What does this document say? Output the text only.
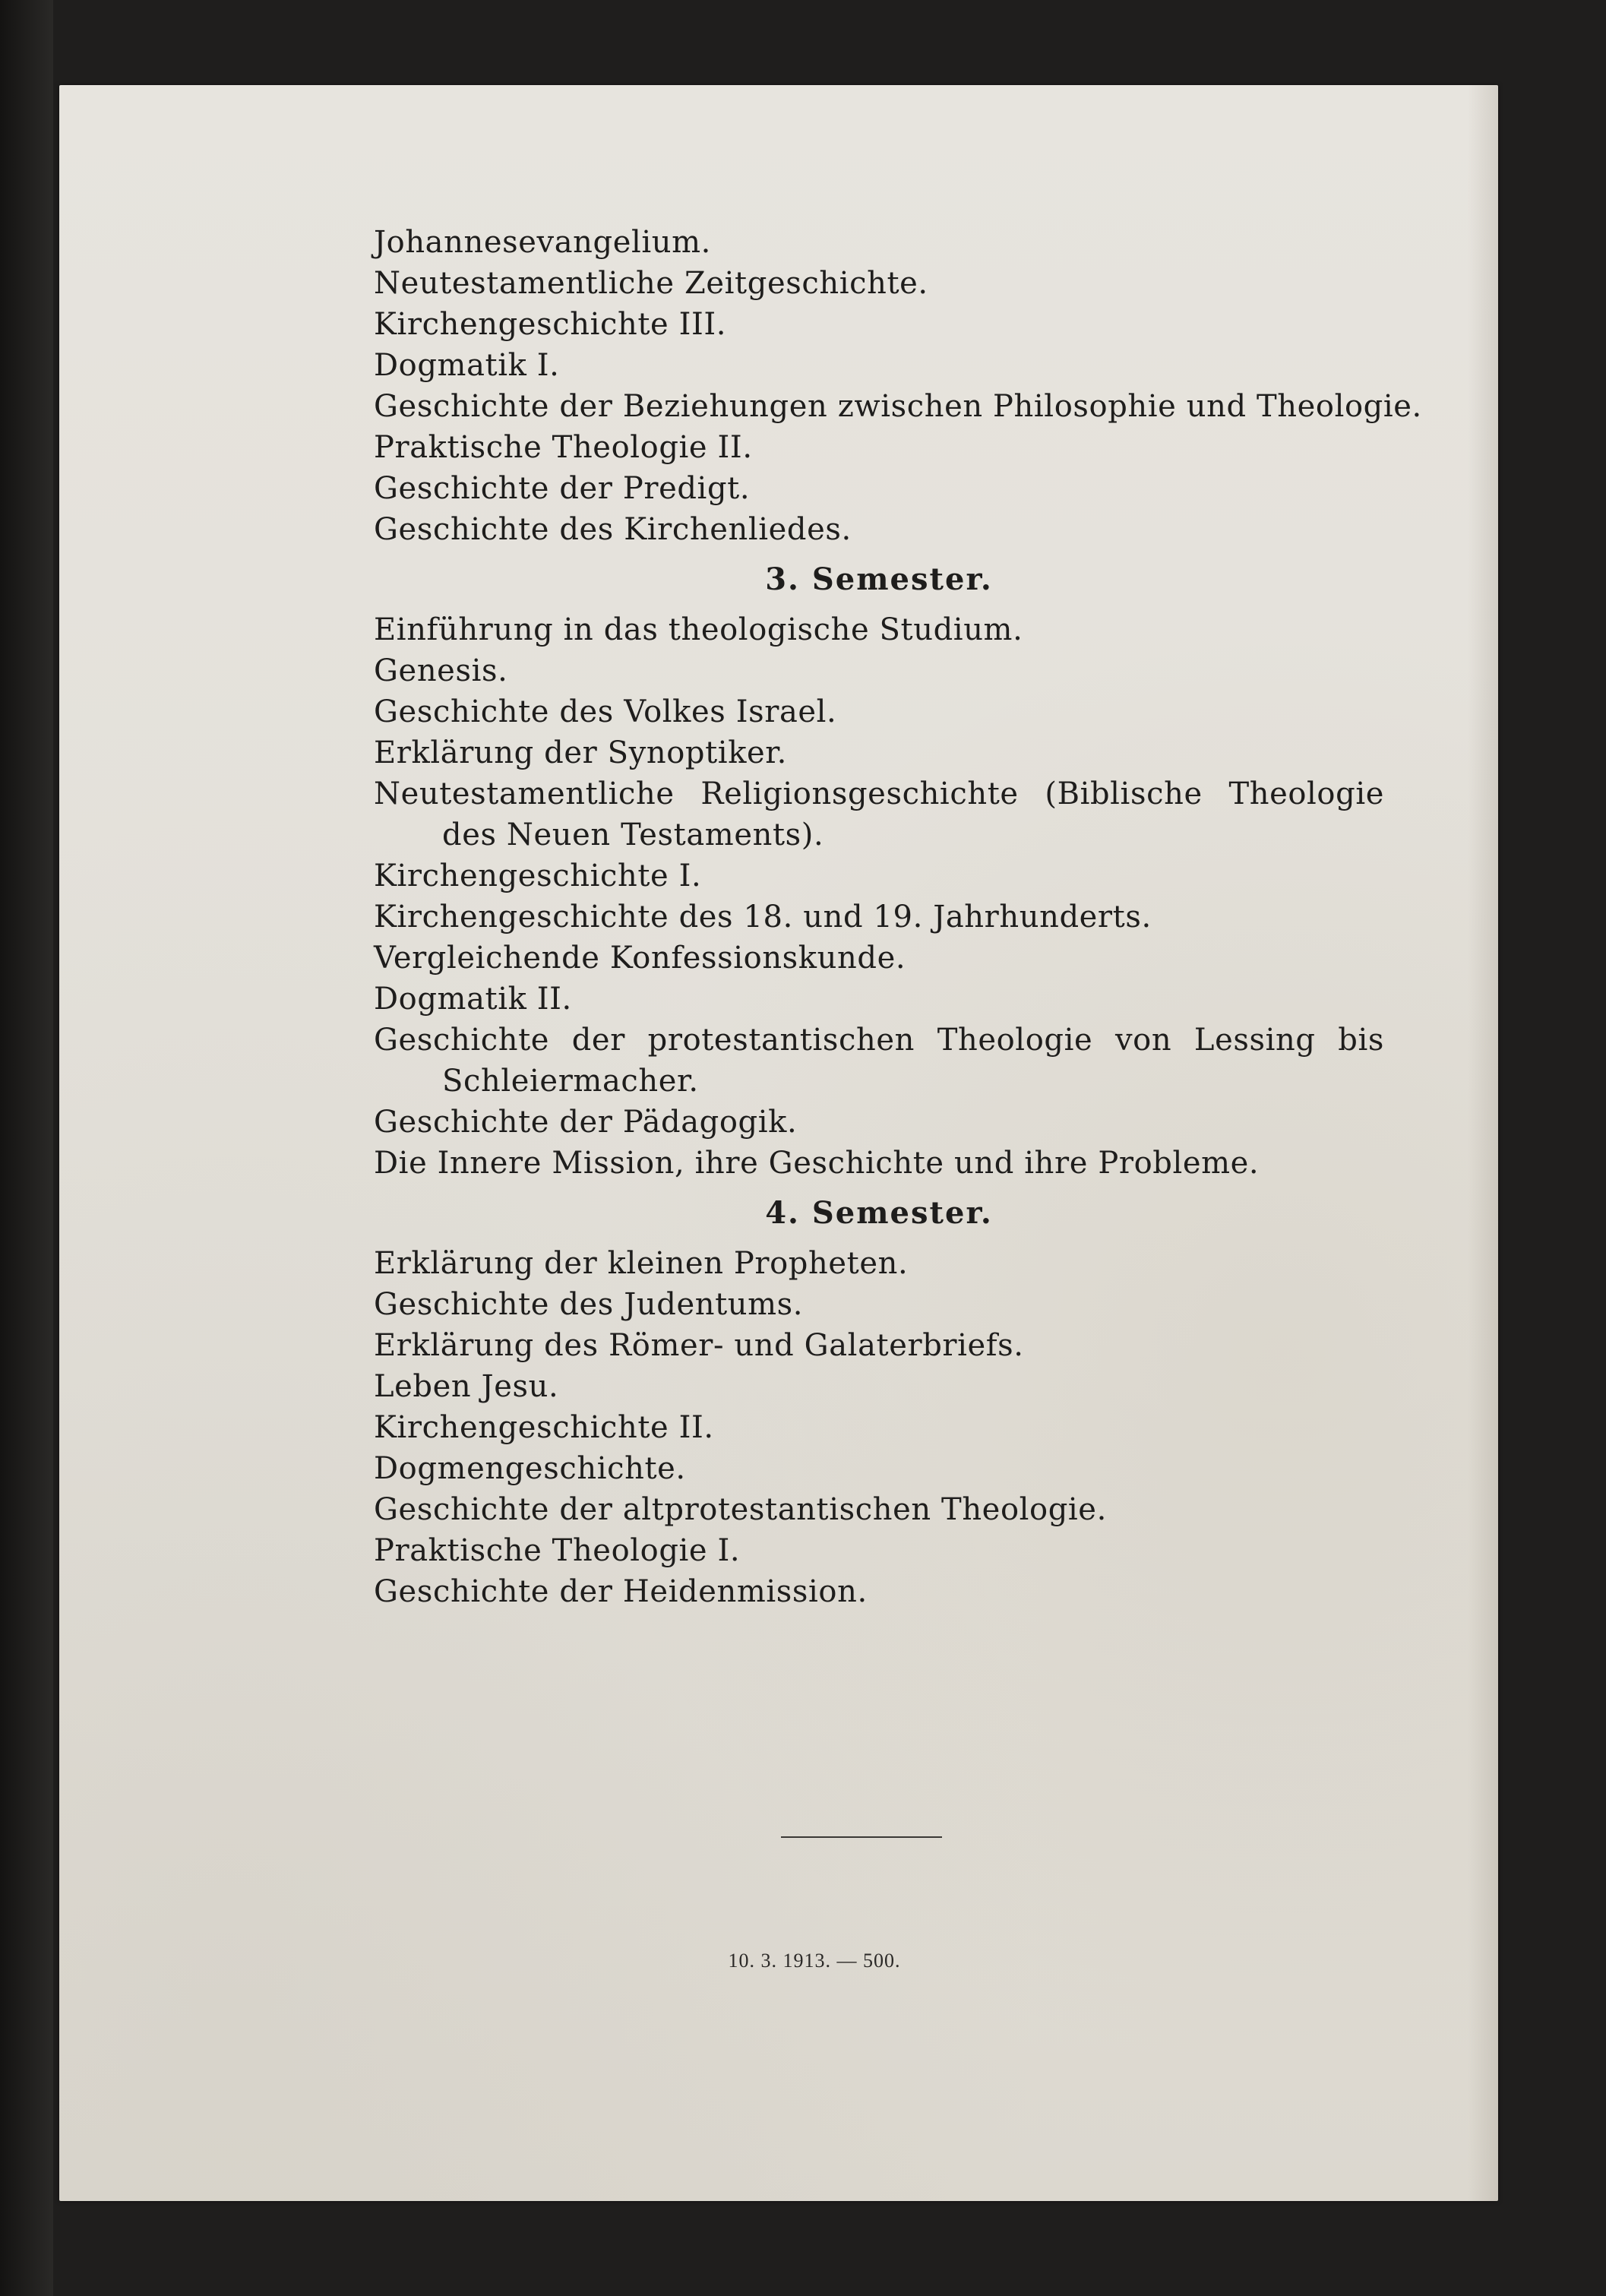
Johannesevangelium.
Neutestamentliche Zeitgeschichte.
Kirchengeschichte III.
Dogmatik I.
Geschichte der Beziehungen zwischen Philosophie und Theologie.
Praktische Theologie II.
Geschichte der Predigt.
Geschichte des Kirchenliedes.
3. Semester.
Einführung in das theologische Studium.
Genesis.
Geschichte des Volkes Israel.
Erklärung der Synoptiker.
Neutestamentliche Religionsgeschichte (Biblische Theologie des Neuen Testaments).
Kirchengeschichte I.
Kirchengeschichte des 18. und 19. Jahrhunderts.
Vergleichende Konfessionskunde.
Dogmatik II.
Geschichte der protestantischen Theologie von Lessing bis Schleiermacher.
Geschichte der Pädagogik.
Die Innere Mission, ihre Geschichte und ihre Probleme.
4. Semester.
Erklärung der kleinen Propheten.
Geschichte des Judentums.
Erklärung des Römer- und Galaterbriefs.
Leben Jesu.
Kirchengeschichte II.
Dogmengeschichte.
Geschichte der altprotestantischen Theologie.
Praktische Theologie I.
Geschichte der Heidenmission.
10. 3. 1913. — 500.
